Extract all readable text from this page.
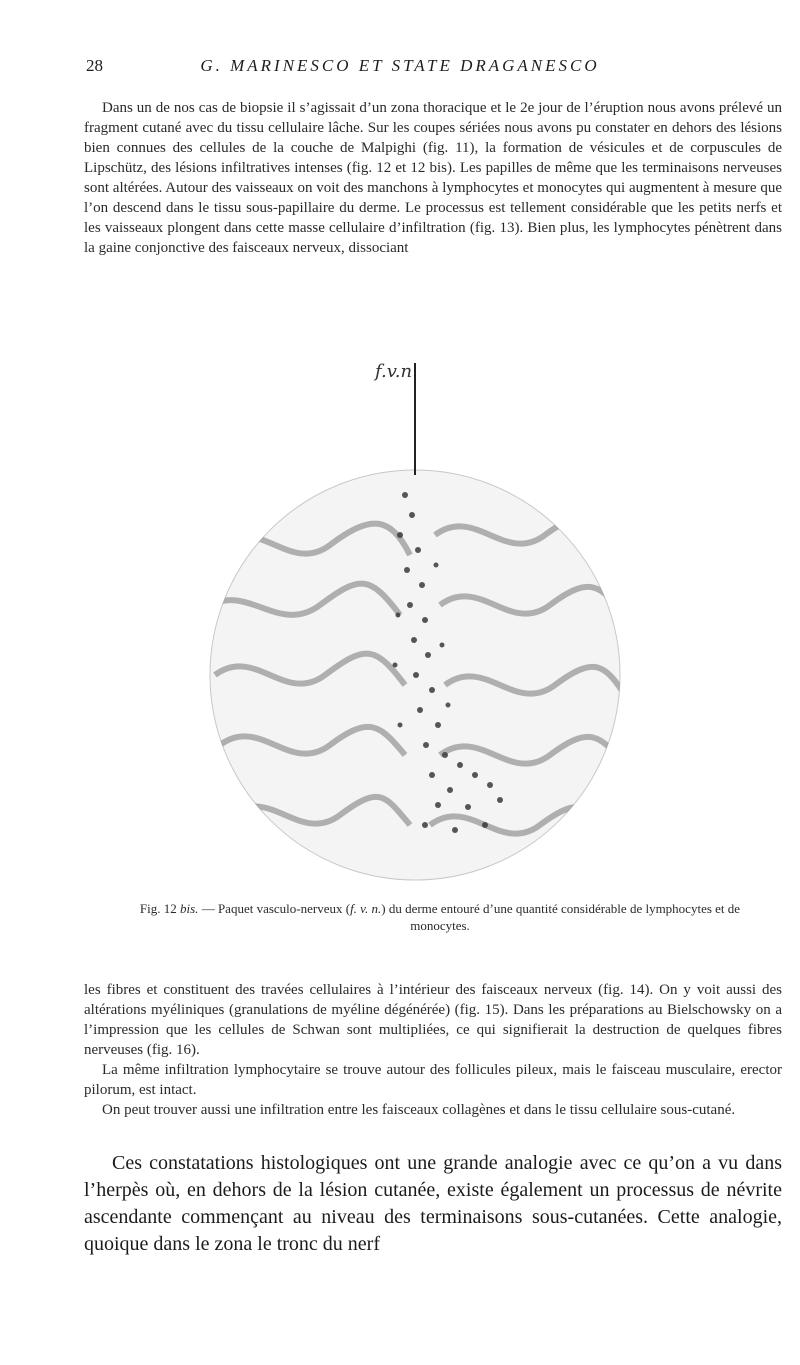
28	G. MARINESCO ET STATE DRAGANESCO

Dans un de nos cas de biopsie il s’agissait d’un zona thoracique et le 2e jour de l’éruption nous avons prélevé un fragment cutané avec du tissu cellulaire lâche. Sur les coupes sériées nous avons pu constater en dehors des lésions bien connues des cellules de la couche de Malpighi (fig. 11), la formation de vésicules et de corpuscules de Lipschütz, des lésions infiltratives intenses (fig. 12 et 12 bis). Les papilles de même que les terminaisons nerveuses sont altérées. Autour des vaisseaux on voit des manchons à lymphocytes et monocytes qui augmentent à mesure que l’on descend dans le tissu sous-papillaire du derme. Le processus est tellement considérable que les petits nerfs et les vaisseaux plongent dans cette masse cellulaire d’infiltration (fig. 13). Bien plus, les lymphocytes pénètrent dans la gaine conjonctive des faisceaux nerveux, dissociant

f.v.n
Fig. 12 bis. — Paquet vasculo-nerveux (f. v. n.) du derme entouré d’une quantité considérable de lymphocytes et de monocytes.

les fibres et constituent des travées cellulaires à l’intérieur des faisceaux nerveux (fig. 14). On y voit aussi des altérations myéliniques (granulations de myéline dégénérée) (fig. 15). Dans les préparations au Bielschowsky on a l’impression que les cellules de Schwan sont multipliées, ce qui signifierait la destruction de quelques fibres nerveuses (fig. 16).

La même infiltration lymphocytaire se trouve autour des follicules pileux, mais le faisceau musculaire, erector pilorum, est intact.

On peut trouver aussi une infiltration entre les faisceaux collagènes et dans le tissu cellulaire sous-cutané.

Ces constatations histologiques ont une grande analogie avec ce qu’on a vu dans l’herpès où, en dehors de la lésion cutanée, existe également un processus de névrite ascendante commençant au niveau des terminaisons sous-cutanées. Cette analogie, quoique dans le zona le tronc du nerf
